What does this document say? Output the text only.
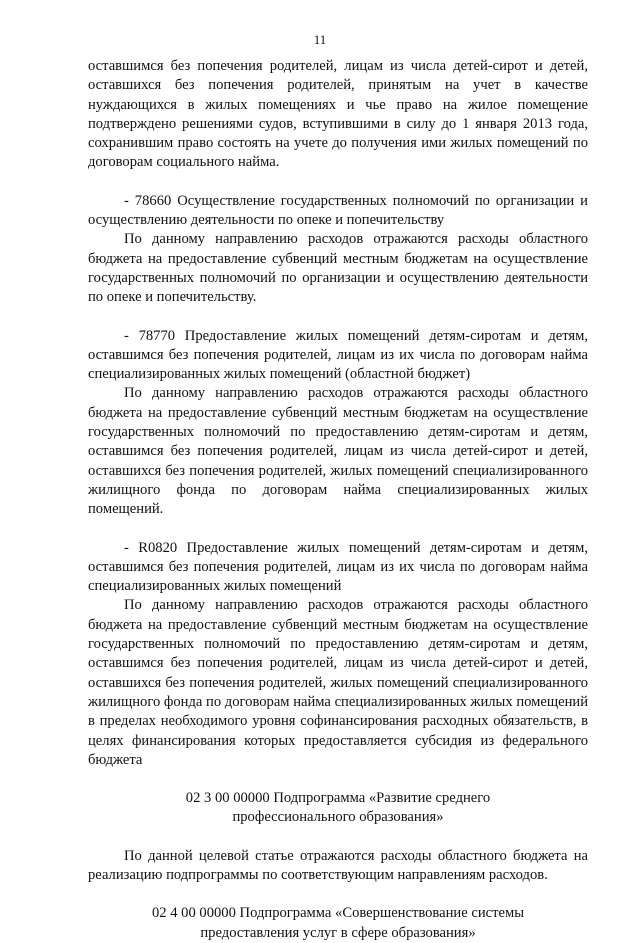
11

оставшимся без попечения родителей, лицам из числа детей-сирот и детей, оставшихся без попечения родителей, принятым на учет в качестве нуждающихся в жилых помещениях и чье право на жилое помещение подтверждено решениями судов, вступившими в силу до 1 января 2013 года, сохранившим право состоять на учете до получения ими жилых помещений по договорам социального найма.

- 78660 Осуществление государственных полномочий по организации и осуществлению деятельности по опеке и попечительству

По данному направлению расходов отражаются расходы областного бюджета на предоставление субвенций местным бюджетам на осуществление государственных полномочий по организации и осуществлению деятельности по опеке и попечительству.

- 78770 Предоставление жилых помещений детям-сиротам и детям, оставшимся без попечения родителей, лицам из их числа по договорам найма специализированных жилых помещений (областной бюджет)

По данному направлению расходов отражаются расходы областного бюджета на предоставление субвенций местным бюджетам на осуществление государственных полномочий по предоставлению детям-сиротам и детям, оставшимся без попечения родителей, лицам из числа детей-сирот и детей, оставшихся без попечения родителей, жилых помещений специализированного жилищного фонда по договорам найма специализированных жилых помещений.

- R0820 Предоставление жилых помещений детям-сиротам и детям, оставшимся без попечения родителей, лицам из их числа по договорам найма специализированных жилых помещений

По данному направлению расходов отражаются расходы областного бюджета на предоставление субвенций местным бюджетам на осуществление государственных полномочий по предоставлению детям-сиротам и детям, оставшимся без попечения родителей, лицам из числа детей-сирот и детей, оставшихся без попечения родителей, жилых помещений специализированного жилищного фонда по договорам найма специализированных жилых помещений в пределах необходимого уровня софинансирования расходных обязательств, в целях финансирования которых предоставляется субсидия из федерального бюджета

02 3 00 00000 Подпрограмма «Развитие среднего профессионального образования»

По данной целевой статье отражаются расходы областного бюджета на реализацию подпрограммы по соответствующим направлениям расходов.

02 4 00 00000 Подпрограмма «Совершенствование системы предоставления услуг в сфере образования»
